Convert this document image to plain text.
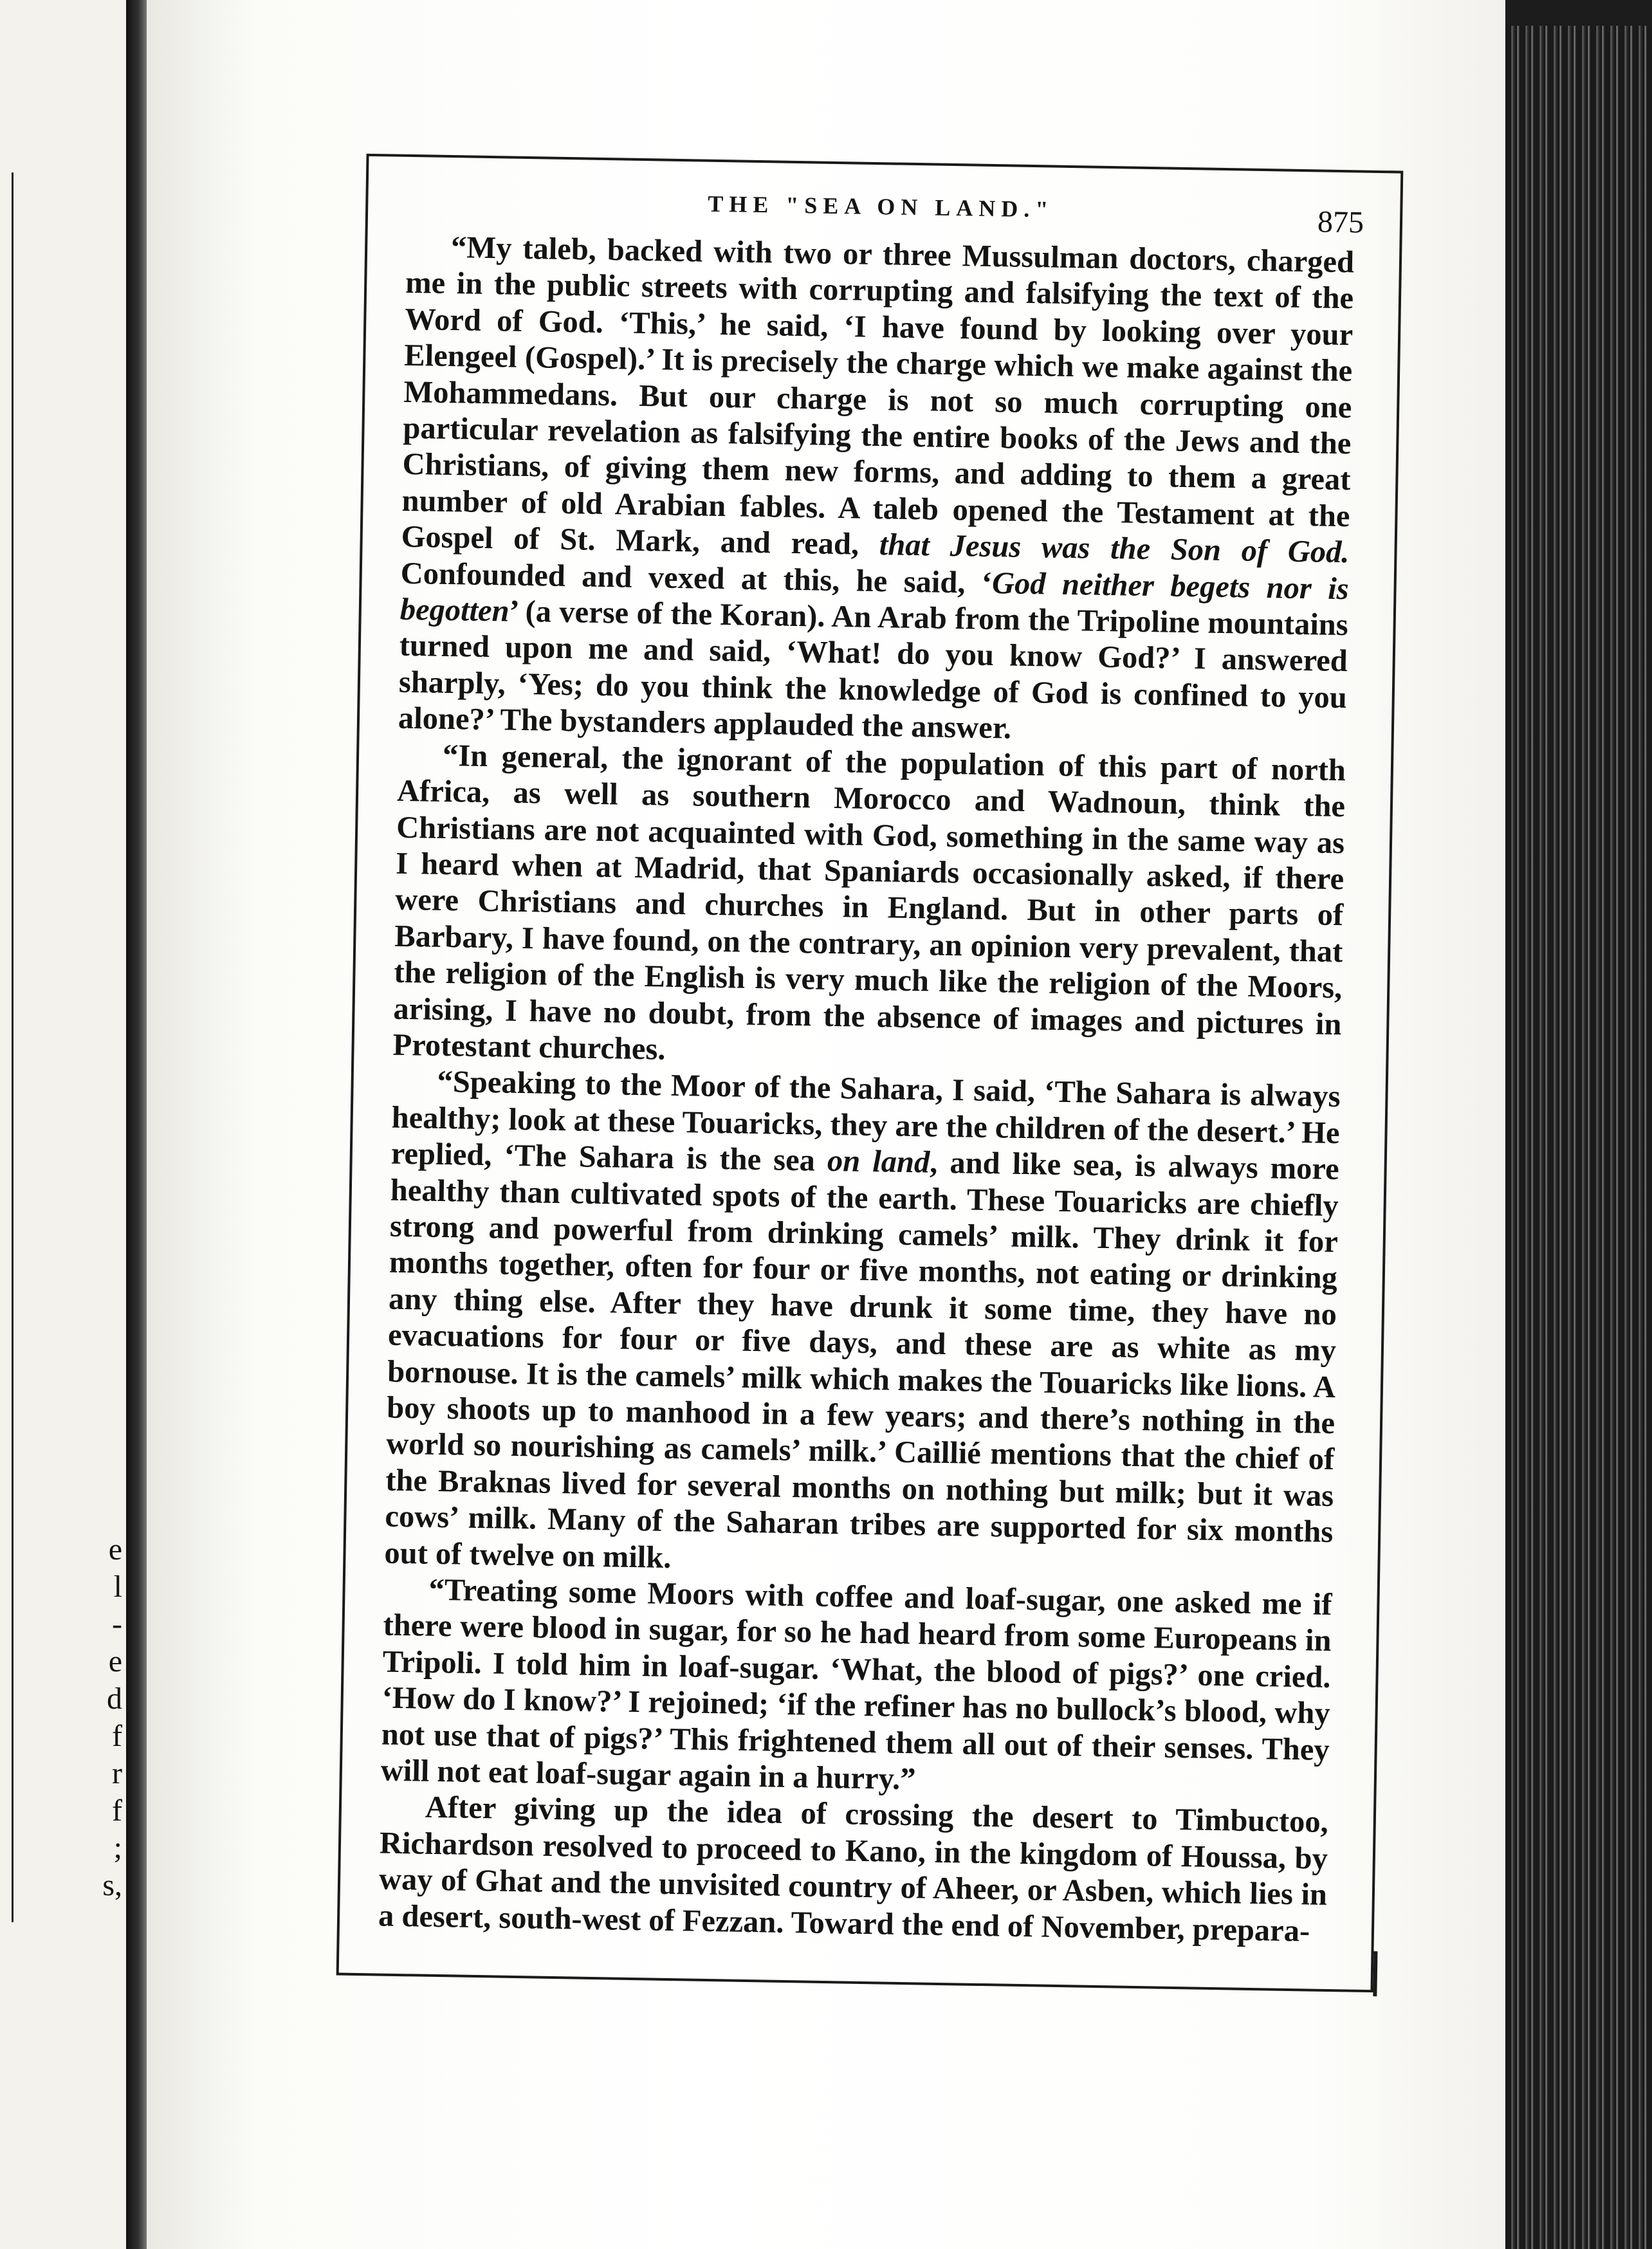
e
l
-
e
d
f
r
f
;
s,
THE "SEA ON LAND."	875

“My taleb, backed with two or three Mussulman doctors, charged me in the public streets with corrupting and falsifying the text of the Word of God. ‘This,’ he said, ‘I have found by looking over your Elengeel (Gospel).’ It is precisely the charge which we make against the Mohammedans. But our charge is not so much corrupting one particular revelation as falsifying the entire books of the Jews and the Christians, of giving them new forms, and adding to them a great number of old Arabian fables. A taleb opened the Testament at the Gospel of St. Mark, and read, that Jesus was the Son of God. Confounded and vexed at this, he said, ‘God neither begets nor is begotten’ (a verse of the Koran). An Arab from the Tripoline mountains turned upon me and said, ‘What! do you know God?’ I answered sharply, ‘Yes; do you think the knowledge of God is confined to you alone?’ The bystanders applauded the answer.

“In general, the ignorant of the population of this part of north Africa, as well as southern Morocco and Wadnoun, think the Christians are not acquainted with God, something in the same way as I heard when at Madrid, that Spaniards occasionally asked, if there were Christians and churches in England. But in other parts of Barbary, I have found, on the contrary, an opinion very prevalent, that the religion of the English is very much like the religion of the Moors, arising, I have no doubt, from the absence of images and pictures in Protestant churches.

“Speaking to the Moor of the Sahara, I said, ‘The Sahara is always healthy; look at these Touaricks, they are the children of the desert.’ He replied, ‘The Sahara is the sea on land, and like sea, is always more healthy than cultivated spots of the earth. These Touaricks are chiefly strong and powerful from drinking camels’ milk. They drink it for months together, often for four or five months, not eating or drinking any thing else. After they have drunk it some time, they have no evacuations for four or five days, and these are as white as my bornouse. It is the camels’ milk which makes the Touaricks like lions. A boy shoots up to manhood in a few years; and there’s nothing in the world so nourishing as camels’ milk.’ Caillié mentions that the chief of the Braknas lived for several months on nothing but milk; but it was cows’ milk. Many of the Saharan tribes are supported for six months out of twelve on milk.

“Treating some Moors with coffee and loaf-sugar, one asked me if there were blood in sugar, for so he had heard from some Europeans in Tripoli. I told him in loaf-sugar. ‘What, the blood of pigs?’ one cried. ‘How do I know?’ I rejoined; ‘if the refiner has no bullock’s blood, why not use that of pigs?’ This frightened them all out of their senses. They will not eat loaf-sugar again in a hurry.”

After giving up the idea of crossing the desert to Timbuctoo, Richardson resolved to proceed to Kano, in the kingdom of Houssa, by way of Ghat and the unvisited country of Aheer, or Asben, which lies in a desert, south-west of Fezzan. Toward the end of November, prepara-
